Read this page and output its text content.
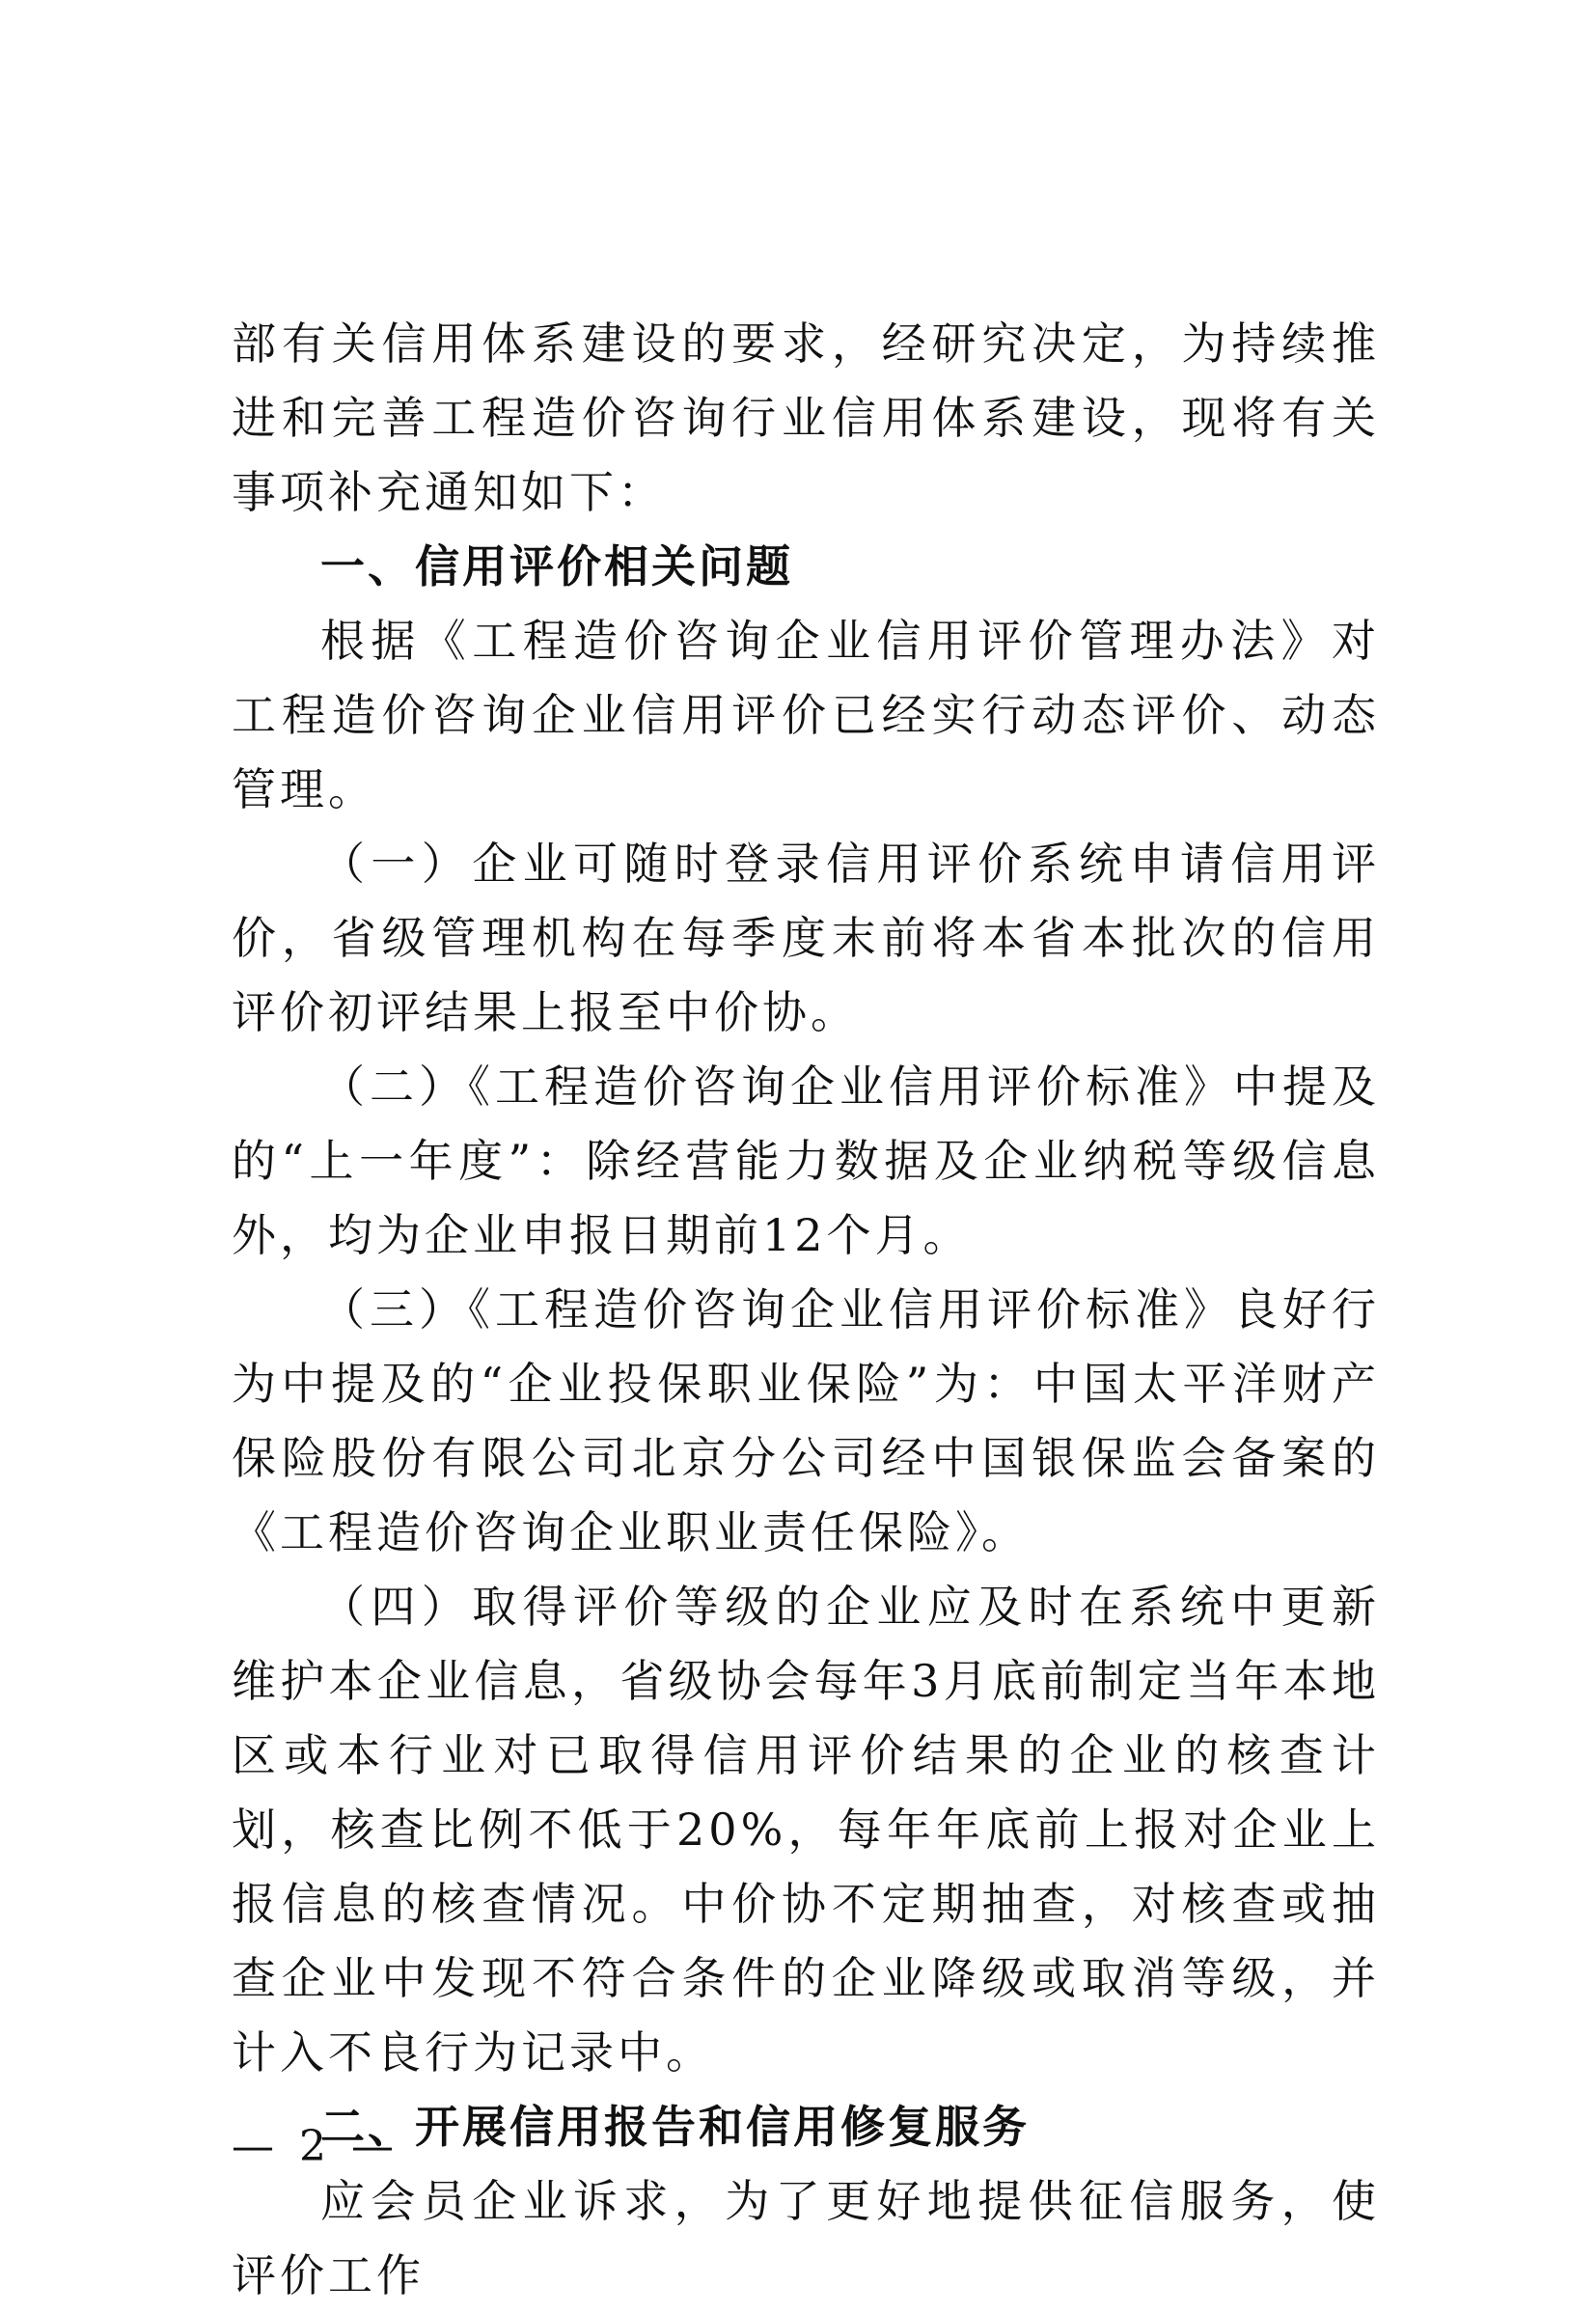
部有关信用体系建设的要求，经研究决定，为持续推进和完善工程造价咨询行业信用体系建设，现将有关事项补充通知如下：

一、信用评价相关问题

根据《工程造价咨询企业信用评价管理办法》对工程造价咨询企业信用评价已经实行动态评价、动态管理。

（一）企业可随时登录信用评价系统申请信用评价，省级管理机构在每季度末前将本省本批次的信用评价初评结果上报至中价协。

（二）《工程造价咨询企业信用评价标准》中提及的“上一年度”：除经营能力数据及企业纳税等级信息外，均为企业申报日期前12个月。

（三）《工程造价咨询企业信用评价标准》良好行为中提及的“企业投保职业保险”为：中国太平洋财产保险股份有限公司北京分公司经中国银保监会备案的《工程造价咨询企业职业责任保险》。

（四）取得评价等级的企业应及时在系统中更新维护本企业信息，省级协会每年3月底前制定当年本地区或本行业对已取得信用评价结果的企业的核查计划，核查比例不低于20%，每年年底前上报对企业上报信息的核查情况。中价协不定期抽查，对核查或抽查企业中发现不符合条件的企业降级或取消等级，并计入不良行为记录中。

二、开展信用报告和信用修复服务

应会员企业诉求，为了更好地提供征信服务，使评价工作

— 2 —
